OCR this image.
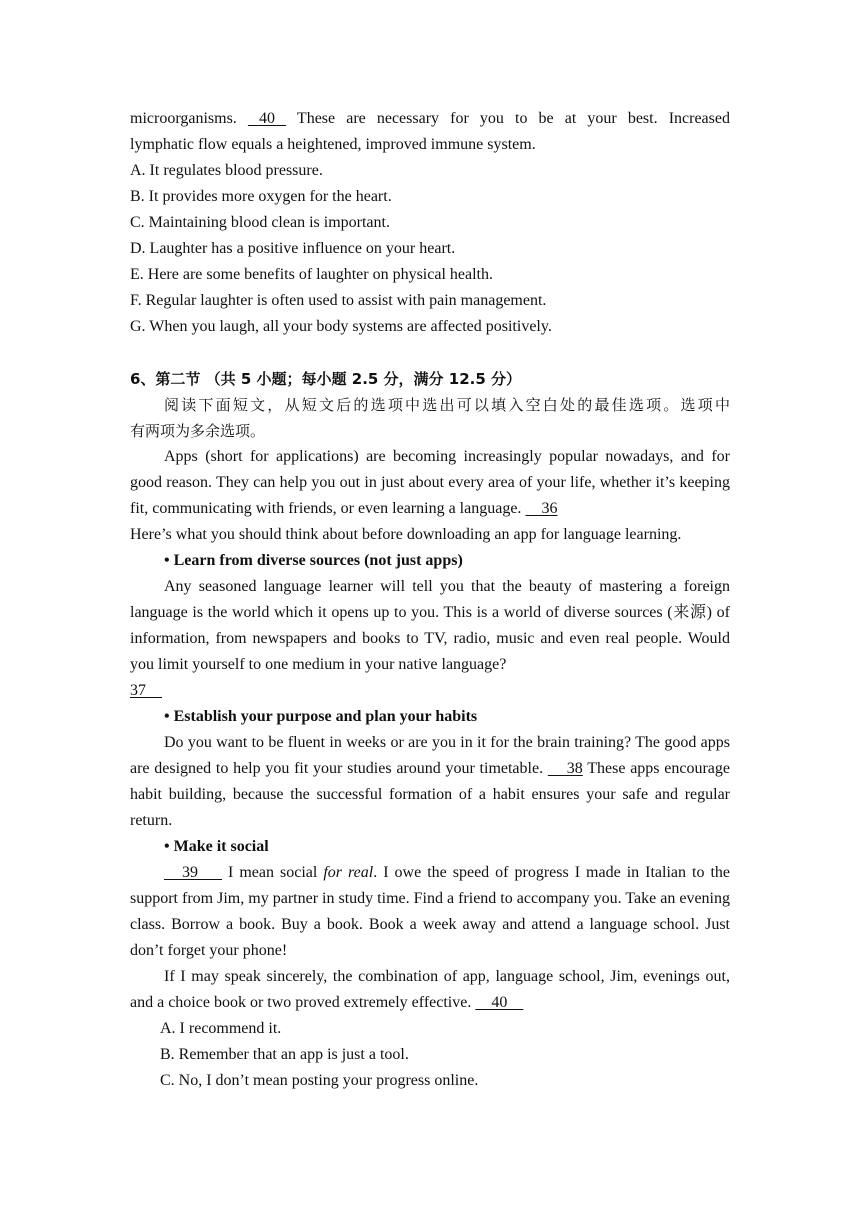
microorganisms.  40  These are necessary for you to be at your best. Increased

lymphatic flow equals a heightened, improved immune system.

A. It regulates blood pressure.

B. It provides more oxygen for the heart.

C. Maintaining blood clean is important.

D. Laughter has a positive influence on your heart.

E. Here are some benefits of laughter on physical health.

F. Regular laughter is often used to assist with pain management.

G. When you laugh, all your body systems are affected positively.

6、第二节 （共 5 小题；每小题 2.5 分，满分 12.5 分）

阅读下面短文，从短文后的选项中选出可以填入空白处的最佳选项。选项中

有两项为多余选项。

Apps (short for applications) are becoming increasingly popular nowadays, and for good reason. They can help you out in just about every area of your life, whether it’s keeping fit, communicating with friends, or even learning a language.     36
Here’s what you should think about before downloading an app for language learning.

• Learn from diverse sources (not just apps)

Any seasoned language learner will tell you that the beauty of mastering a foreign language is the world which it opens up to you. This is a world of diverse sources (来源) of information, from newspapers and books to TV, radio, music and even real people. Would you limit yourself to one medium in your native language?
37

• Establish your purpose and plan your habits

Do you want to be fluent in weeks or are you in it for the brain training? The good apps are designed to help you fit your studies around your timetable.     38 These apps encourage habit building, because the successful formation of a habit ensures your safe and regular return.

• Make it social

39     I mean social for real. I owe the speed of progress I made in Italian to the support from Jim, my partner in study time. Find a friend to accompany you. Take an evening class. Borrow a book. Buy a book. Book a week away and attend a language school. Just don’t forget your phone!

If I may speak sincerely, the combination of app, language school, Jim, evenings out, and a choice book or two proved extremely effective.     40

A. I recommend it.

B. Remember that an app is just a tool.

C. No, I don’t mean posting your progress online.
